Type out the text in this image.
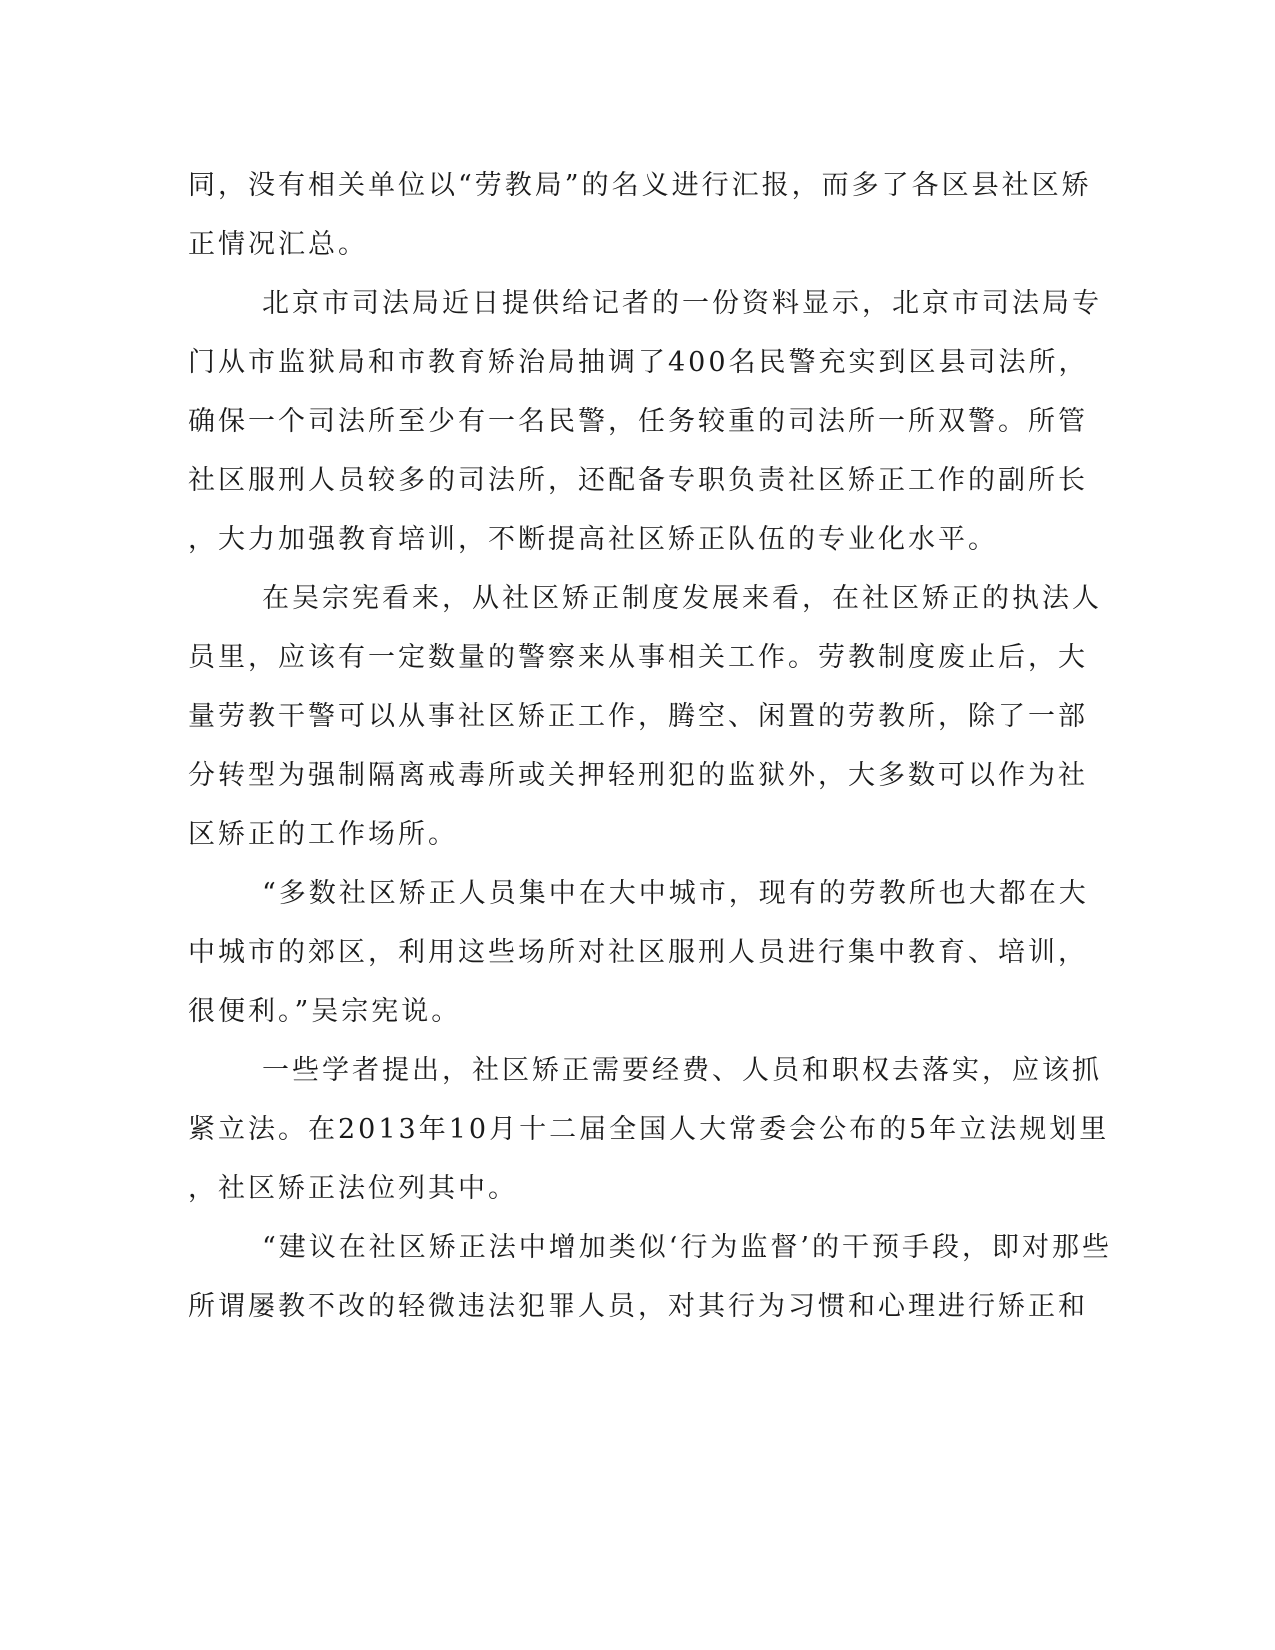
同，没有相关单位以“劳教局”的名义进行汇报，而多了各区县社区矫
正情况汇总。
北京市司法局近日提供给记者的一份资料显示，北京市司法局专
门从市监狱局和市教育矫治局抽调了400名民警充实到区县司法所，
确保一个司法所至少有一名民警，任务较重的司法所一所双警。所管
社区服刑人员较多的司法所，还配备专职负责社区矫正工作的副所长
，大力加强教育培训，不断提高社区矫正队伍的专业化水平。
在吴宗宪看来，从社区矫正制度发展来看，在社区矫正的执法人
员里，应该有一定数量的警察来从事相关工作。劳教制度废止后，大
量劳教干警可以从事社区矫正工作，腾空、闲置的劳教所，除了一部
分转型为强制隔离戒毒所或关押轻刑犯的监狱外，大多数可以作为社
区矫正的工作场所。
“多数社区矫正人员集中在大中城市，现有的劳教所也大都在大
中城市的郊区，利用这些场所对社区服刑人员进行集中教育、培训，
很便利。”吴宗宪说。
一些学者提出，社区矫正需要经费、人员和职权去落实，应该抓
紧立法。在2013年10月十二届全国人大常委会公布的5年立法规划里
，社区矫正法位列其中。
“建议在社区矫正法中增加类似‘行为监督’的干预手段，即对那些
所谓屡教不改的轻微违法犯罪人员，对其行为习惯和心理进行矫正和
